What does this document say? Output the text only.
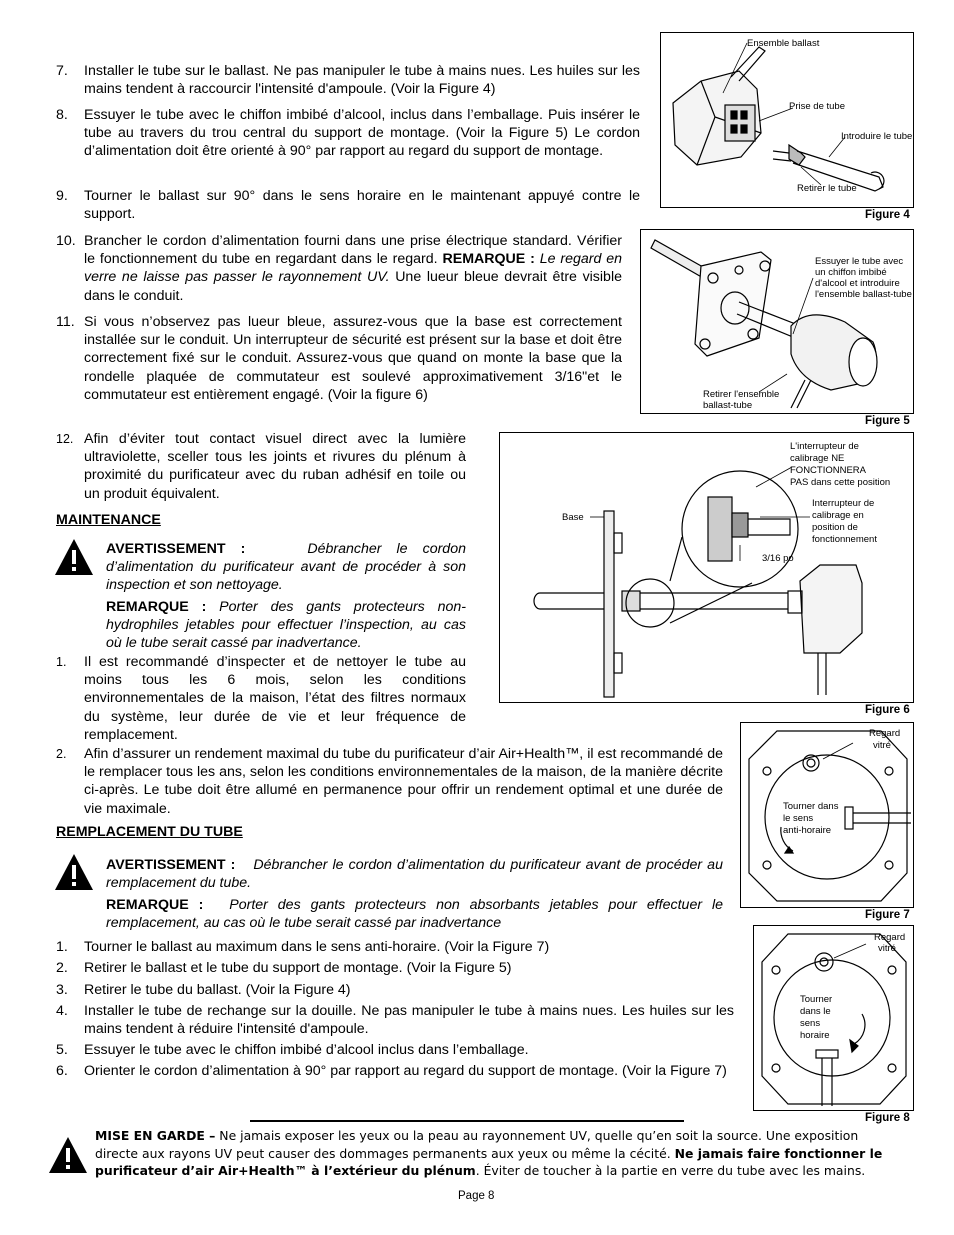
7. Installer le tube sur le ballast. Ne pas manipuler le tube à mains nues. Les huiles sur les mains tendent à raccourcir l'intensité d'ampoule. (Voir la Figure 4)
8. Essuyer le tube avec le chiffon imbibé d’alcool, inclus dans l’emballage. Puis insérer le tube au travers du trou central du support de montage. (Voir la Figure 5) Le cordon d’alimentation doit être orienté à 90° par rapport au regard du support de montage.
9. Tourner le ballast sur 90° dans le sens horaire en le maintenant appuyé contre le support.
10. Brancher le cordon d’alimentation fourni dans une prise électrique standard. Vérifier le fonctionnement du tube en regardant dans le regard. REMARQUE : Le regard en verre ne laisse pas passer le rayonnement UV. Une lueur bleue devrait être visible dans le conduit.
11. Si vous n’observez pas lueur bleue, assurez-vous que la base est correctement installée sur le conduit. Un interrupteur de sécurité est présent sur la base et doit être correctement fixé sur le conduit. Assurez-vous que quand on monte la base que la rondelle plaquée de commutateur est soulevé approximativement 3/16"et le commutateur est entièrement engagé. (Voir la figure 6)
12. Afin d’éviter tout contact visuel direct avec la lumière ultraviolette, sceller tous les joints et rivures du plénum à proximité du purificateur avec du ruban adhésif en toile ou un produit équivalent.
MAINTENANCE
AVERTISSEMENT :	Débrancher le cordon d’alimentation du purificateur avant de procéder à son inspection et son nettoyage.
REMARQUE : Porter des gants protecteurs non-hydrophiles jetables pour effectuer l’inspection, au cas où le tube serait cassé par inadvertance.
1. Il est recommandé d’inspecter et de nettoyer le tube au moins tous les 6 mois, selon les conditions environnementales de la maison, l’état des filtres normaux du système, leur durée de vie et leur fréquence de remplacement.
2. Afin d’assurer un rendement maximal du tube du purificateur d’air Air+Health™, il est recommandé de le remplacer tous les ans, selon les conditions environnementales de la maison, de la manière décrite ci-après. Le tube doit être allumé en permanence pour offrir un rendement optimal et une durée de vie maximale.
REMPLACEMENT DU TUBE
AVERTISSEMENT : Débrancher le cordon d’alimentation du purificateur avant de procéder au remplacement du tube.
REMARQUE : Porter des gants protecteurs non absorbants jetables pour effectuer le remplacement, au cas où le tube serait cassé par inadvertance
1. Tourner le ballast au maximum dans le sens anti-horaire. (Voir la Figure 7)
2. Retirer le ballast et le tube du support de montage. (Voir la Figure 5)
3. Retirer le tube du ballast. (Voir la Figure 4)
4. Installer le tube de rechange sur la douille. Ne pas manipuler le tube à mains nues. Les huiles sur les mains tendent à réduire l'intensité d'ampoule.
5. Essuyer le tube avec le chiffon imbibé d’alcool inclus dans l’emballage.
6. Orienter le cordon d’alimentation à 90° par rapport au regard du support de montage. (Voir la Figure 7)
Ensemble ballast
Prise de tube
Introduire le tube
Retirer le tube
Figure 4
Essuyer le tube avec
un chiffon imbibé
d'alcool et introduire
l'ensemble ballast-tube
Retirer l'ensemble
ballast-tube
Figure 5
Base
L'interrupteur de
calibrage NE
FONCTIONNERA
PAS dans cette position
Interrupteur de
calibrage en
position de
fonctionnement
3/16 po
Figure 6
Regard
vitré
Tourner dans
le sens
anti-horaire
Figure 7
Regard
vitré
Tourner
dans le
sens
horaire
Figure 8
MISE EN GARDE – Ne jamais exposer les yeux ou la peau au rayonnement UV, quelle qu’en soit la source. Une exposition directe aux rayons UV peut causer des dommages permanents aux yeux ou même la cécité. Ne jamais faire fonctionner le purificateur d’air Air+Health™ à l’extérieur du plénum. Éviter de toucher à la partie en verre du tube avec les mains.
Page 8
